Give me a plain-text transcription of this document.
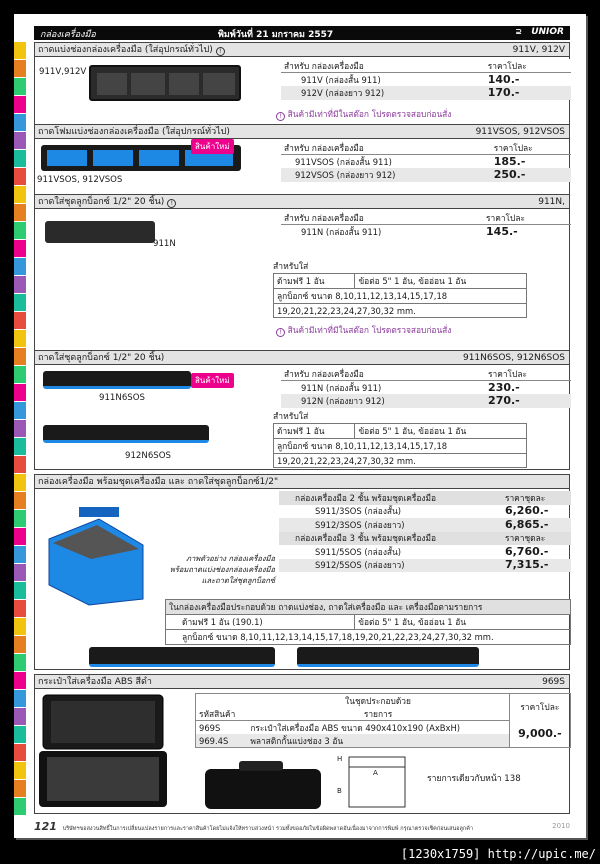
กล่องเครื่องมือ	พิมพ์วันที่ 21 มกราคม 2557	⊇ UNIOR
ถาดแบ่งช่องกล่องเครื่องมือ (ใส่อุปกรณ์ทั่วไป) !	911V, 912V
911V,912V
สำหรับ กล่องเครื่องมือ	ราคาโปละ
911V (กล่องสั้น 911)	140.-
912V (กล่องยาว 912)	170.-
! สินค้ามีเท่าที่มีในสต๊อก โปรดตรวจสอบก่อนสั่ง
ถาดโฟมแบ่งช่องกล่องเครื่องมือ (ใส่อุปกรณ์ทั่วไป)	911VSOS, 912VSOS
สินค้าใหม่
911VSOS, 912VSOS
สำหรับ กล่องเครื่องมือ	ราคาโปละ
911VSOS (กล่องสั้น 911)	185.-
912VSOS (กล่องยาว 912)	250.-
ถาดใส่ชุดลูกบ็อกซ์ 1/2" 20 ชิ้น) !	911N,
911N
สำหรับ กล่องเครื่องมือ	ราคาโปละ
911N (กล่องสั้น 911)	145.-
สำหรับใส่
ด้ามฟรี 1 อัน	ข้อต่อ 5" 1 อัน, ข้ออ่อน 1 อัน
ลูกบ็อกซ์ ขนาด 8,10,11,12,13,14,15,17,18
19,20,21,22,23,24,27,30,32 mm.
! สินค้ามีเท่าที่มีในสต๊อก โปรดตรวจสอบก่อนสั่ง
ถาดใส่ชุดลูกบ็อกซ์ 1/2" 20 ชิ้น)	911N6SOS, 912N6SOS
สินค้าใหม่
911N6SOS
912N6SOS
สำหรับ กล่องเครื่องมือ	ราคาโปละ
911N (กล่องสั้น 911)	230.-
912N (กล่องยาว 912)	270.-
สำหรับใส่
ด้ามฟรี 1 อัน	ข้อต่อ 5" 1 อัน, ข้ออ่อน 1 อัน
ลูกบ็อกซ์ ขนาด 8,10,11,12,13,14,15,17,18
19,20,21,22,23,24,27,30,32 mm.
กล่องเครื่องมือ พร้อมชุดเครื่องมือ และ ถาดใส่ชุดลูกบ็อกซ์1/2"
ภาพตัวอย่าง กล่องเครื่องมือ
พร้อมถาดแบ่งช่องกล่องเครื่องมือ
และถาดใส่ชุดลูกบ็อกซ์
กล่องเครื่องมือ 2 ชั้น พร้อมชุดเครื่องมือ	ราคาชุดละ
S911/3SOS (กล่องสั้น)	6,260.-
S912/3SOS (กล่องยาว)	6,865.-
กล่องเครื่องมือ 3 ชั้น พร้อมชุดเครื่องมือ	ราคาชุดละ
S911/5SOS (กล่องสั้น)	6,760.-
S912/5SOS (กล่องยาว)	7,315.-
ในกล่องเครื่องมือประกอบด้วย ถาดแบ่งช่อง, ถาดใส่เครื่องมือ และ เครื่องมือตามรายการ
ด้ามฟรี 1 อัน (190.1)	ข้อต่อ 5" 1 อัน, ข้ออ่อน 1 อัน
ลูกบ็อกซ์ ขนาด 8,10,11,12,13,14,15,17,18,19,20,21,22,23,24,27,30,32 mm.
กระเป๋าใส่เครื่องมือ ABS สีดำ	969S
	ในชุดประกอบด้วย	ราคาโปละ
รหัสสินค้า	รายการ	
969S	กระเป๋าใส่เครื่องมือ ABS ขนาด 490x410x190 (AxBxH)	9,000.-
969.4S	พลาสติกกั้นแบ่งช่อง 3 อัน	
H
A
B
รายการเดียวกับหน้า 138
121 บริษัทฯขอสงวนสิทธิ์ในการเปลี่ยนแปลงรายการและราคาสินค้าโดยไม่แจ้งให้ทราบล่วงหน้า รวมทั้งขออภัยในข้อผิดพลาดอันเนื่องมาจากการพิมพ์ กรุณาตรวจเช็คก่อนเสนอลูกค้า	2010
[1230x1759] http://upic.me/
